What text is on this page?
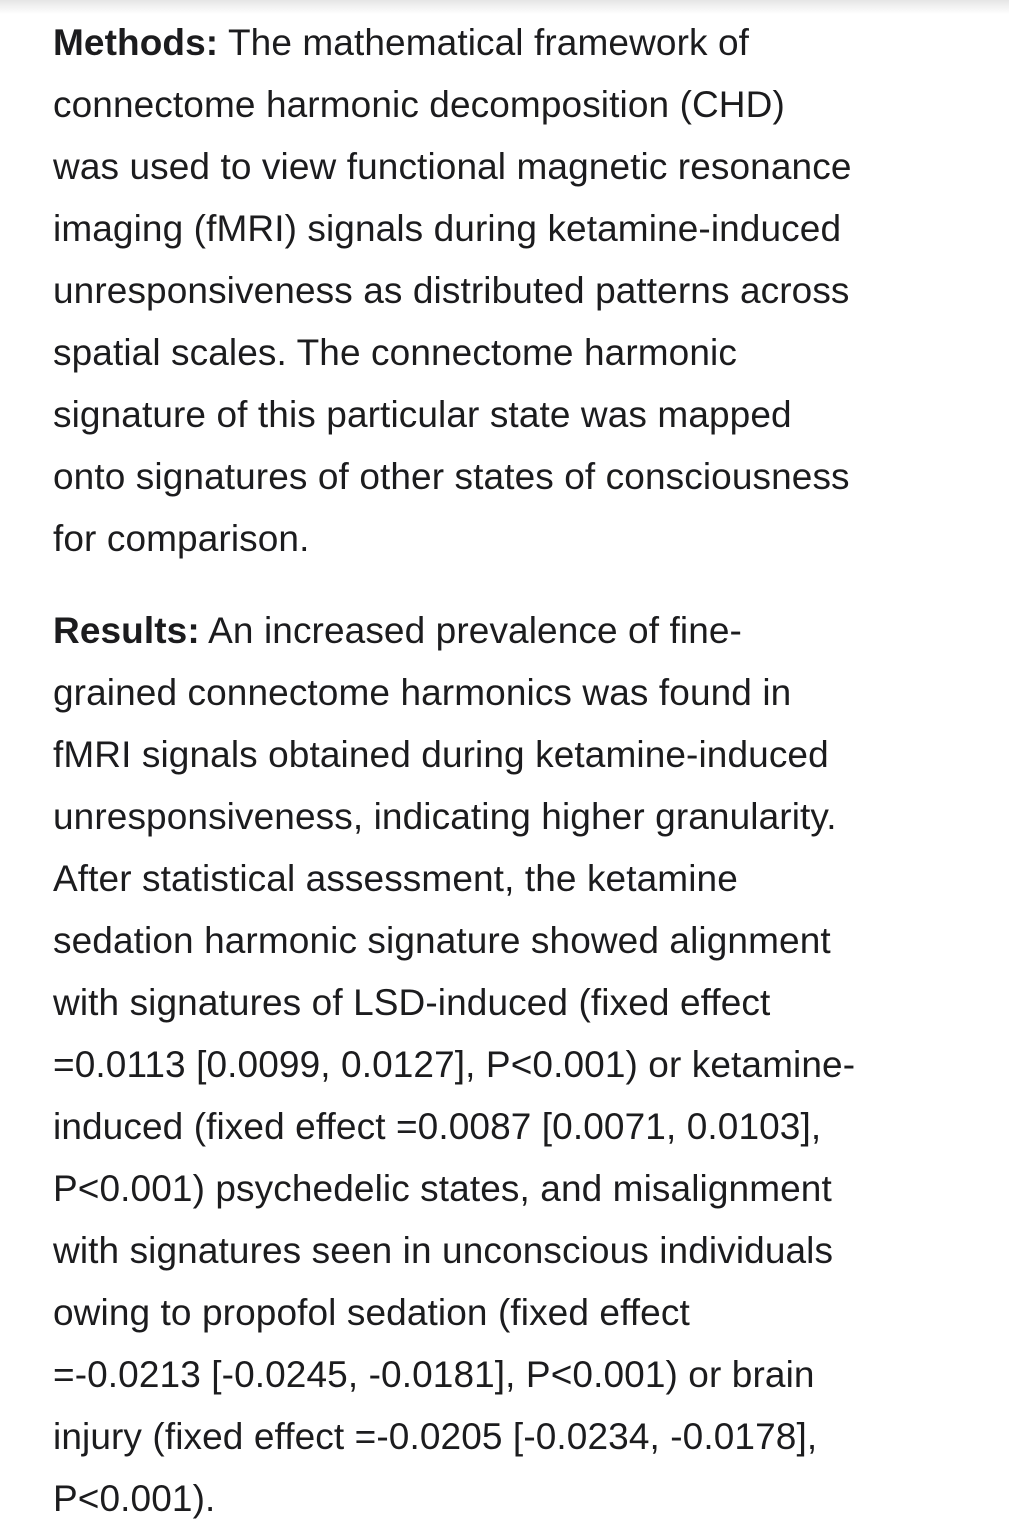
Methods: The mathematical framework of
connectome harmonic decomposition (CHD)
was used to view functional magnetic resonance
imaging (fMRI) signals during ketamine-induced
unresponsiveness as distributed patterns across
spatial scales. The connectome harmonic
signature of this particular state was mapped
onto signatures of other states of consciousness
for comparison.

Results: An increased prevalence of fine-
grained connectome harmonics was found in
fMRI signals obtained during ketamine-induced
unresponsiveness, indicating higher granularity.
After statistical assessment, the ketamine
sedation harmonic signature showed alignment
with signatures of LSD-induced (fixed effect
=0.0113 [0.0099, 0.0127], P<0.001) or ketamine-
induced (fixed effect =0.0087 [0.0071, 0.0103],
P<0.001) psychedelic states, and misalignment
with signatures seen in unconscious individuals
owing to propofol sedation (fixed effect
=-0.0213 [-0.0245, -0.0181], P<0.001) or brain
injury (fixed effect =-0.0205 [-0.0234, -0.0178],
P<0.001).
